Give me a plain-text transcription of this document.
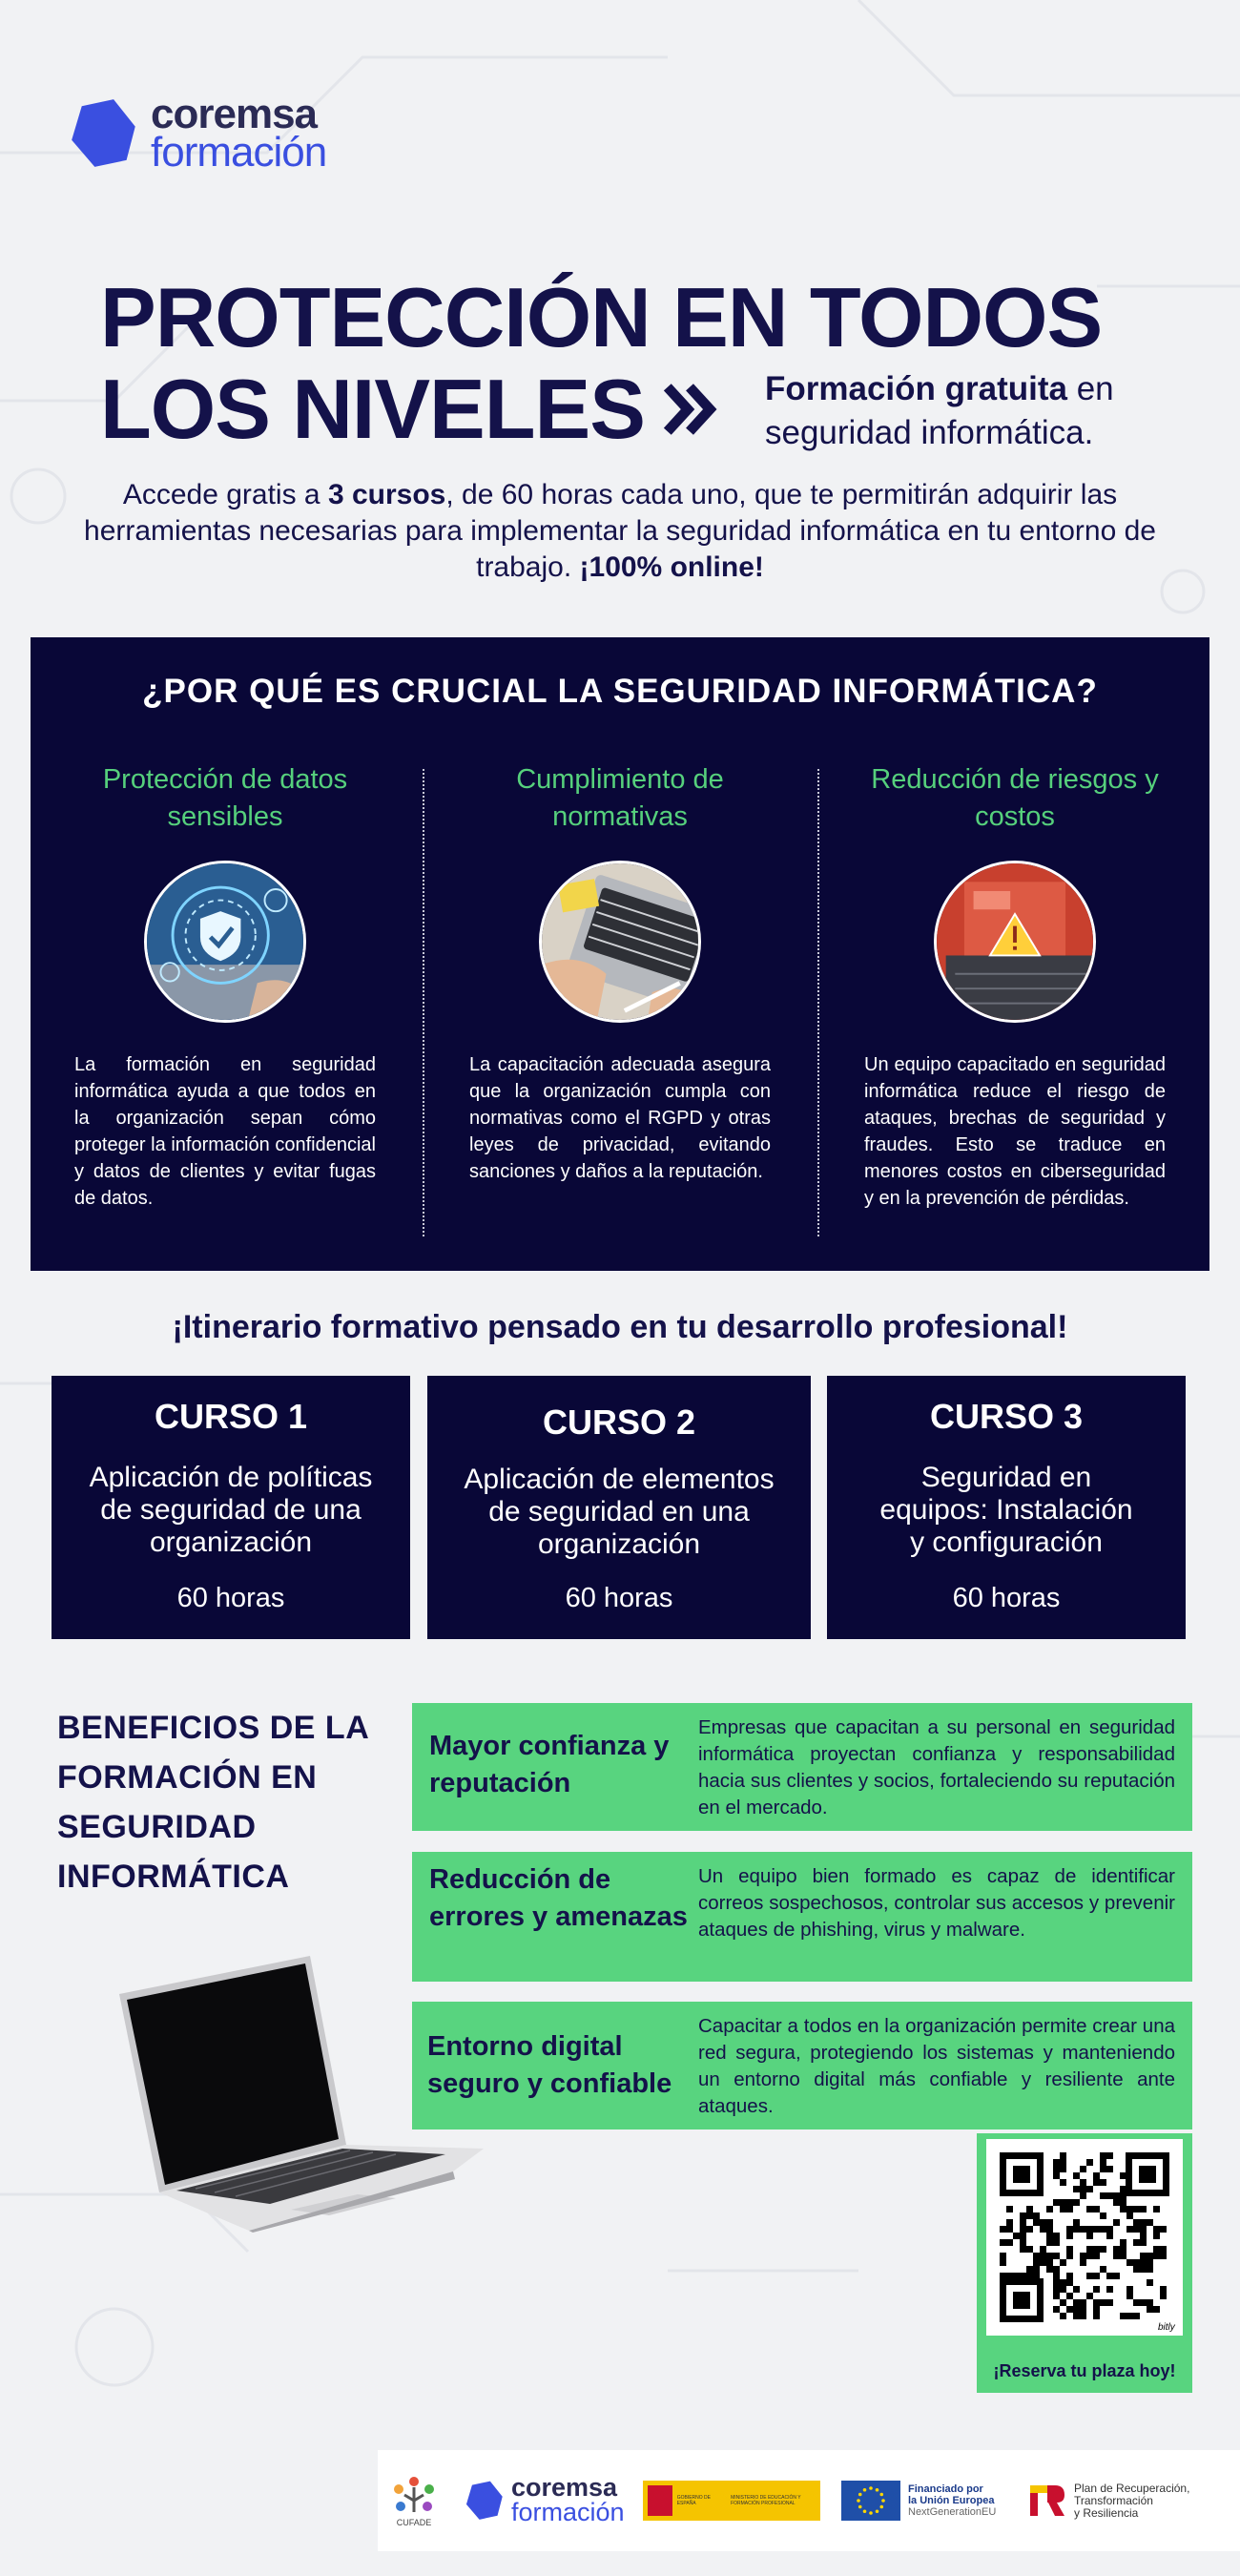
coremsa
formación
PROTECCIÓN EN TODOS
LOS NIVELES	Formación gratuita en
seguridad informática.

Accede gratis a 3 cursos, de 60 horas cada uno, que te permitirán adquirir las herramientas necesarias para implementar la seguridad informática en tu entorno de trabajo. ¡100% online!

¿POR QUÉ ES CRUCIAL LA SEGURIDAD INFORMÁTICA?
Protección de datos sensibles

La formación en seguridad informática ayuda a que todos en la organización sepan cómo proteger la información confidencial y datos de clientes y evitar fugas de datos.

Cumplimiento de normativas

La capacitación adecuada asegura que la organización cumpla con normativas como el RGPD y otras leyes de privacidad, evitando sanciones y daños a la reputación.

Reducción de riesgos y costos

Un equipo capacitado en seguridad informática reduce el riesgo de ataques, brechas de seguridad y fraudes. Esto se traduce en menores costos en ciberseguridad y en la prevención de pérdidas.

¡Itinerario formativo pensado en tu desarrollo profesional!
CURSO 1

Aplicación de políticas de seguridad de una organización

60 horas

CURSO 2

Aplicación de elementos de seguridad en una organización

60 horas

CURSO 3

Seguridad en equipos: Instalación y configuración

60 horas

BENEFICIOS DE LA
FORMACIÓN EN
SEGURIDAD
INFORMÁTICA
Mayor confianza y reputación
Empresas que capacitan a su personal en seguridad informática proyectan confianza y responsabilidad hacia sus clientes y socios, fortaleciendo su reputación en el mercado.
Reducción de errores y amenazas
Un equipo bien formado es capaz de identificar correos sospechosos, controlar sus accesos y prevenir ataques de phishing, virus y malware.
Entorno digital seguro y confiable
Capacitar a todos en la organización permite crear una red segura, protegiendo los sistemas y manteniendo un entorno digital más confiable y resiliente ante ataques.
bitly
¡Reserva tu plaza hoy!
CUFADE
coremsa
formación	GOBIERNO DE ESPAÑA
MINISTERIO DE EDUCACIÓN Y FORMACIÓN PROFESIONAL
Financiado por
la Unión Europea
NextGenerationEU
Plan de Recuperación,
Transformación
y Resiliencia
